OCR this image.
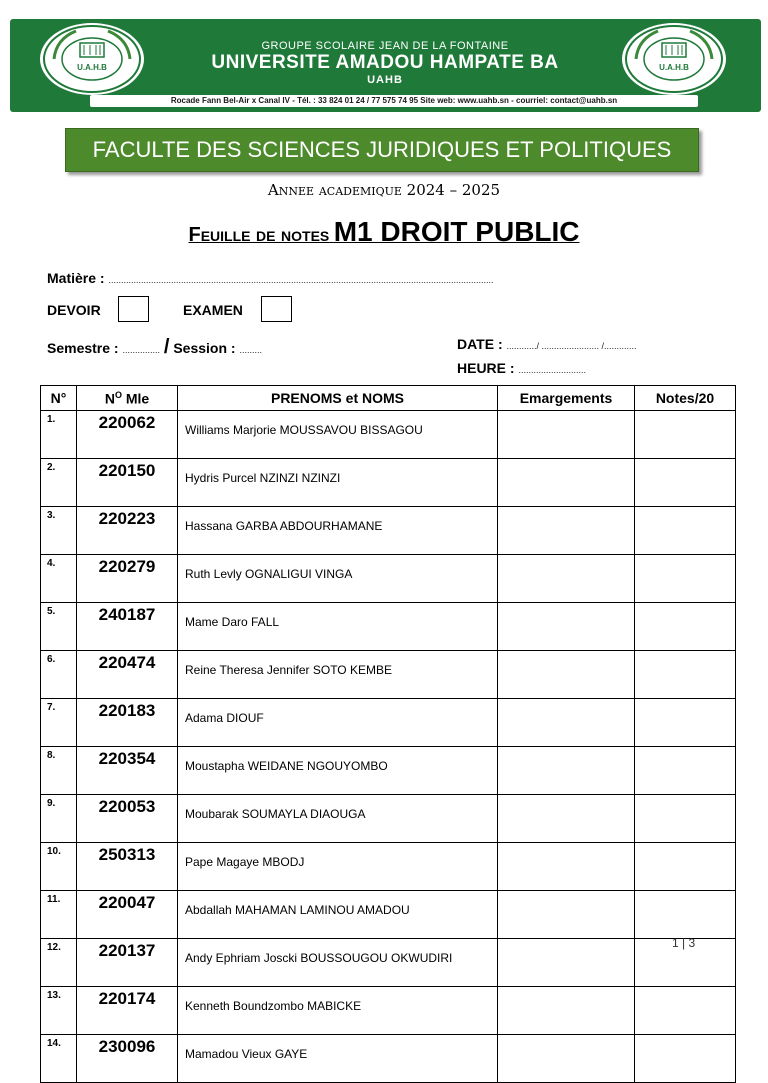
U.A.H.B
GROUPE SCOLAIRE JEAN DE LA FONTAINE
UNIVERSITE AMADOU HAMPATE BA
UAHB
U.A.H.B
Rocade Fann Bel-Air x Canal IV - Tél. : 33 824 01 24 / 77 575 74 95 Site web: www.uahb.sn - courriel: contact@uahb.sn
FACULTE DES SCIENCES JURIDIQUES ET POLITIQUES
Annee academique 2024 – 2025
Feuille de notes M1 DROIT PUBLIC
Matière : ..........................................................................................................................................................
DEVOIR	EXAMEN
Semestre : ............... / Session : .........	DATE : ............/ ....................... /.............
HEURE : ...........................
N°	$N^O$ Mle	PRENOMS et NOMS	Emargements	Notes/20
1.	220062	Williams Marjorie MOUSSAVOU BISSAGOU		
2.	220150	Hydris Purcel NZINZI NZINZI		
3.	220223	Hassana GARBA ABDOURHAMANE		
4.	220279	Ruth Levly OGNALIGUI VINGA		
5.	240187	Mame Daro FALL		
6.	220474	Reine Theresa Jennifer SOTO KEMBE		
7.	220183	Adama DIOUF		
8.	220354	Moustapha WEIDANE NGOUYOMBO		
9.	220053	Moubarak SOUMAYLA DIAOUGA		
10.	250313	Pape Magaye MBODJ		
11.	220047	Abdallah MAHAMAN LAMINOU AMADOU		
12.	220137	Andy Ephriam Joscki BOUSSOUGOU OKWUDIRI		
13.	220174	Kenneth Boundzombo MABICKE		
14.	230096	Mamadou Vieux GAYE		
1 | 3
